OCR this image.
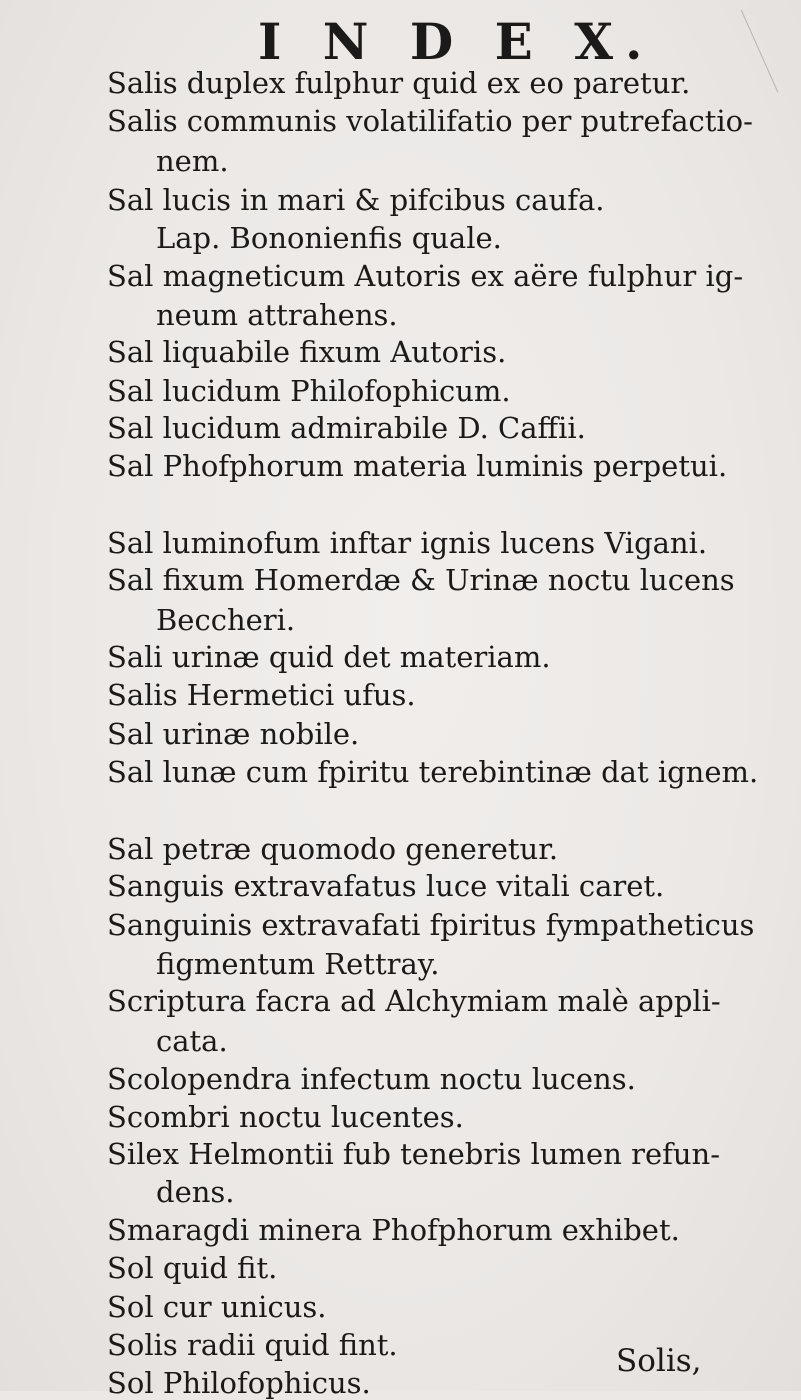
I N D E X.
Salis duplex fulphur quid ex eo paretur.
Salis communis volatilifatio per putrefactio-
nem.
Sal lucis in mari & pifcibus caufa.
Lap. Bononienfis quale.
Sal magneticum Autoris ex aëre fulphur ig-
neum attrahens.
Sal liquabile fixum Autoris.
Sal lucidum Philofophicum.
Sal lucidum admirabile D. Caffii.
Sal Phofphorum materia luminis perpetui.
Sal luminofum inftar ignis lucens Vigani.
Sal fixum Homerdæ & Urinæ noctu lucens
Beccheri.
Sali urinæ quid det materiam.
Salis Hermetici ufus.
Sal urinæ nobile.
Sal lunæ cum fpiritu terebintinæ dat ignem.
Sal petræ quomodo generetur.
Sanguis extravafatus luce vitali caret.
Sanguinis extravafati fpiritus fympatheticus
figmentum Rettray.
Scriptura facra ad Alchymiam malè appli-
cata.
Scolopendra infectum noctu lucens.
Scombri noctu lucentes.
Silex Helmontii fub tenebris lumen refun-
dens.
Smaragdi minera Phofphorum exhibet.
Sol quid fit.
Sol cur unicus.
Solis radii quid fint.
Sol Philofophicus.
Solis,
